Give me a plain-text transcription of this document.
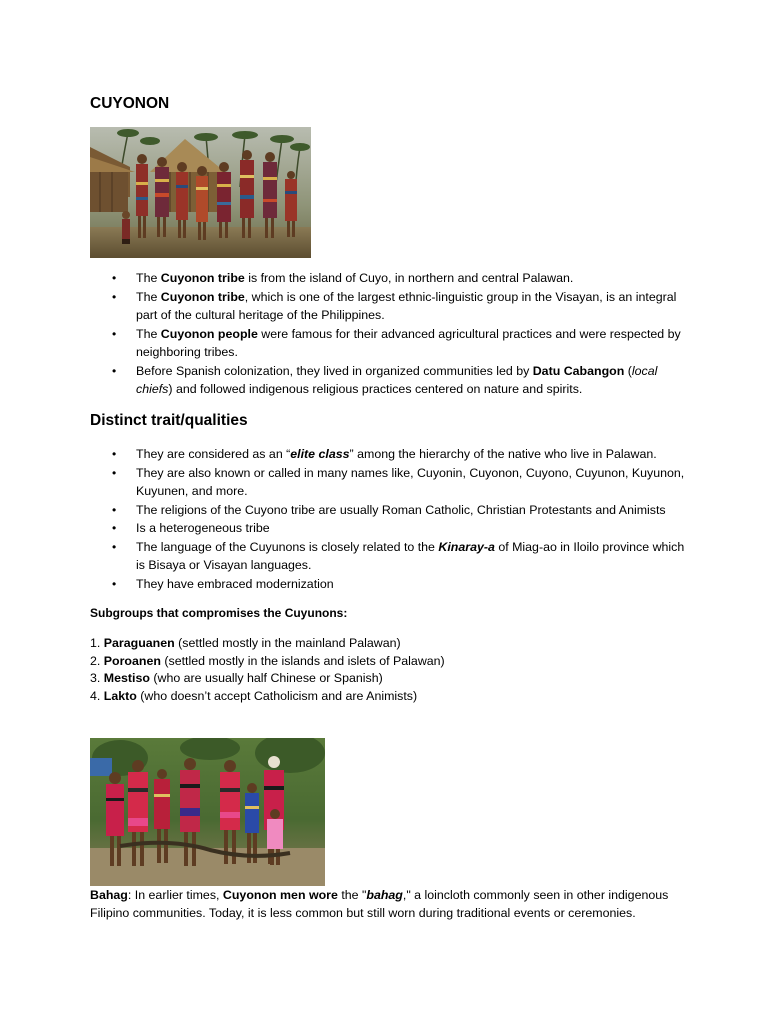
CUYONON
• The Cuyonon tribe is from the island of Cuyo, in northern and central Palawan.
• The Cuyonon tribe, which is one of the largest ethnic-linguistic group in the Visayan, is an integral part of the cultural heritage of the Philippines.
• The Cuyonon people were famous for their advanced agricultural practices and were respected by neighboring tribes.
• Before Spanish colonization, they lived in organized communities led by Datu Cabangon (local chiefs) and followed indigenous religious practices centered on nature and spirits.
Distinct trait/qualities
• They are considered as an “elite class” among the hierarchy of the native who live in Palawan.
• They are also known or called in many names like, Cuyonin, Cuyonon, Cuyono, Cuyunon, Kuyunon, Kuyunen, and more.
• The religions of the Cuyono tribe are usually Roman Catholic, Christian Protestants and Animists
• Is a heterogeneous tribe
• The language of the Cuyunons is closely related to the Kinaray-a of Miag-ao in Iloilo province which is Bisaya or Visayan languages.
• They have embraced modernization

Subgroups that compromises the Cuyunons:

1. Paraguanen (settled mostly in the mainland Palawan)
2. Poroanen (settled mostly in the islands and islets of Palawan)
3. Mestiso (who are usually half Chinese or Spanish)
4. Lakto (who doesn’t accept Catholicism and are Animists)

Bahag: In earlier times, Cuyonon men wore the "bahag," a loincloth commonly seen in other indigenous Filipino communities. Today, it is less common but still worn during traditional events or ceremonies.
